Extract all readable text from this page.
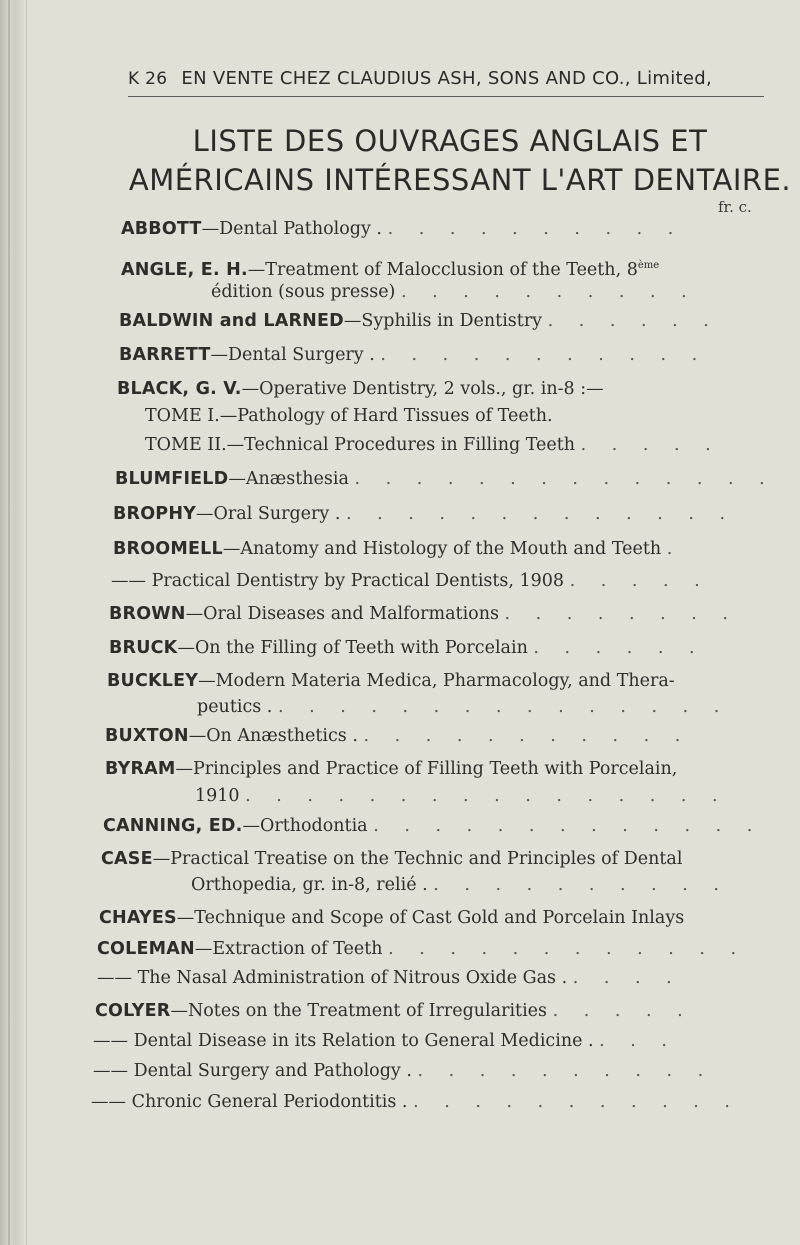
K 26 EN VENTE CHEZ CLAUDIUS ASH, SONS AND CO., Limited,
LISTE DES OUVRAGES ANGLAIS ET
AMÉRICAINS INTÉRESSANT L'ART DENTAIRE.
fr. c.
ABBOTT—Dental Pathology . . . . . . . . . . .
ANGLE, E. H.—Treatment of Malocclusion of the Teeth, 8ème
édition (sous presse) . . . . . . . . . .
BALDWIN and LARNED—Syphilis in Dentistry . . . . . .
BARRETT—Dental Surgery . . . . . . . . . . . .
BLACK, G. V.—Operative Dentistry, 2 vols., gr. in-8 :—
TOME I.—Pathology of Hard Tissues of Teeth.
TOME II.—Technical Procedures in Filling Teeth . . . . .
BLUMFIELD—Anæsthesia . . . . . . . . . . . . . .
BROPHY—Oral Surgery . . . . . . . . . . . . . .
BROOMELL—Anatomy and Histology of the Mouth and Teeth .
—— Practical Dentistry by Practical Dentists, 1908 . . . . .
BROWN—Oral Diseases and Malformations . . . . . . . .
BRUCK—On the Filling of Teeth with Porcelain . . . . . .
BUCKLEY—Modern Materia Medica, Pharmacology, and Thera-
peutics . . . . . . . . . . . . . . . .
BUXTON—On Anæsthetics . . . . . . . . . . . .
BYRAM—Principles and Practice of Filling Teeth with Porcelain,
1910 . . . . . . . . . . . . . . . .
CANNING, ED.—Orthodontia . . . . . . . . . . . . .
CASE—Practical Treatise on the Technic and Principles of Dental
Orthopedia, gr. in-8, relié . . . . . . . . . . .
CHAYES—Technique and Scope of Cast Gold and Porcelain Inlays
COLEMAN—Extraction of Teeth . . . . . . . . . . . .
—— The Nasal Administration of Nitrous Oxide Gas . . . . .
COLYER—Notes on the Treatment of Irregularities . . . . .
—— Dental Disease in its Relation to General Medicine . . . .
—— Dental Surgery and Pathology . . . . . . . . . . .
—— Chronic General Periodontitis . . . . . . . . . . . .
